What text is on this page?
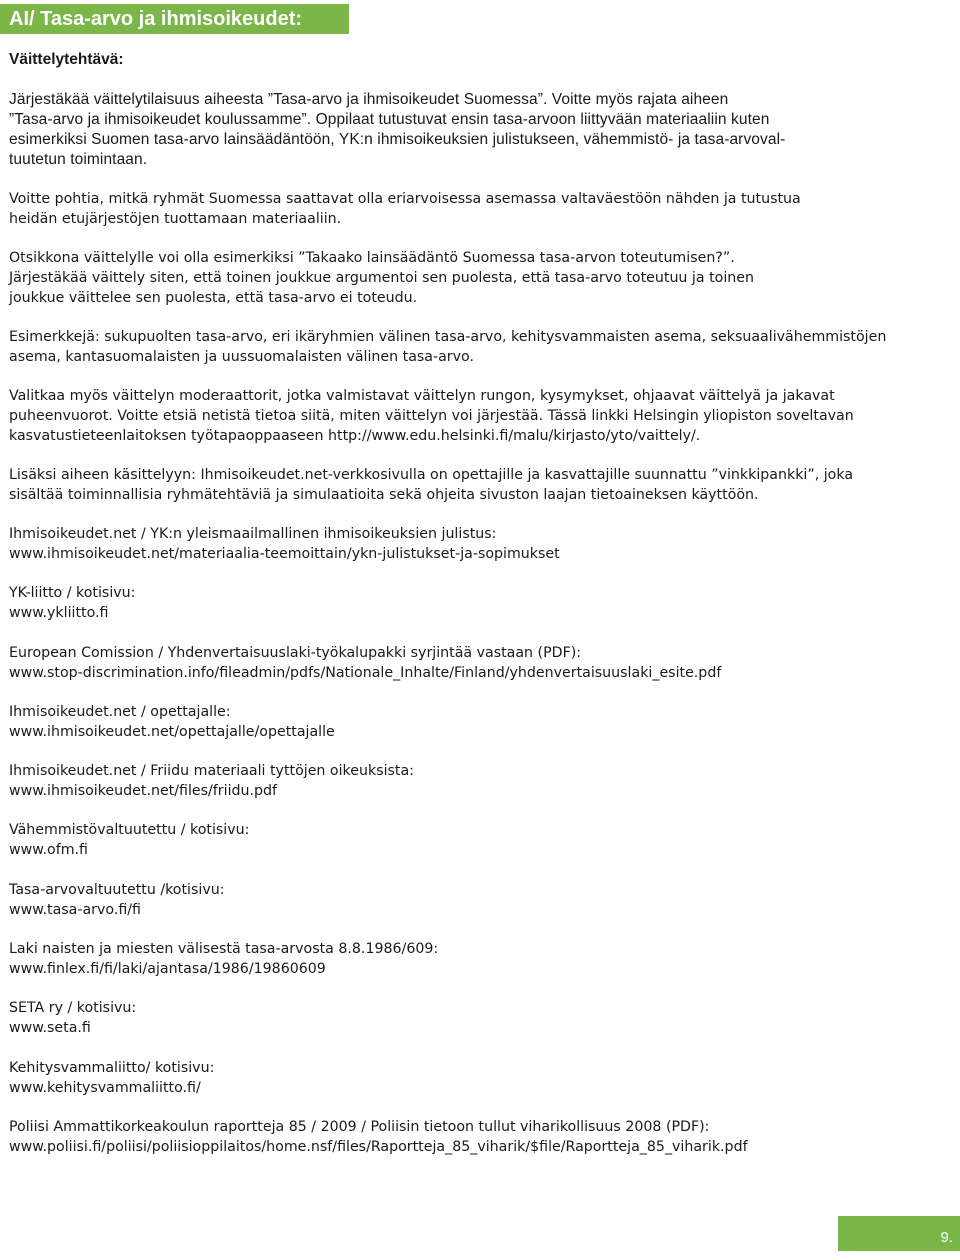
AI/ Tasa-arvo ja ihmisoikeudet:
Väittelytehtävä:
Järjestäkää väittelytilaisuus aiheesta ”Tasa-arvo ja ihmisoikeudet Suomessa”. Voitte myös rajata aiheen
”Tasa-arvo ja ihmisoikeudet koulussamme”. Oppilaat tutustuvat ensin tasa-arvoon liittyvään materiaaliin kuten
esimerkiksi Suomen tasa-arvo lainsäädäntöön, YK:n ihmisoikeuksien julistukseen, vähemmistö- ja tasa-arvoval-
tuutetun toimintaan.
Voitte pohtia, mitkä ryhmät Suomessa saattavat olla eriarvoisessa asemassa valtaväestöön nähden ja tutustua
heidän etujärjestöjen tuottamaan materiaaliin.
Otsikkona väittelylle voi olla esimerkiksi ”Takaako lainsäädäntö Suomessa tasa-arvon toteutumisen?”.
Järjestäkää väittely siten, että toinen joukkue argumentoi sen puolesta, että tasa-arvo toteutuu ja toinen
joukkue väittelee sen puolesta, että tasa-arvo ei toteudu.
Esimerkkejä: sukupuolten tasa-arvo, eri ikäryhmien välinen tasa-arvo, kehitysvammaisten asema, seksuaalivähemmistöjen
asema, kantasuomalaisten ja uussuomalaisten välinen tasa-arvo.
Valitkaa myös väittelyn moderaattorit, jotka valmistavat väittelyn rungon, kysymykset, ohjaavat väittelyä ja jakavat
puheenvuorot. Voitte etsiä netistä tietoa siitä, miten väittelyn voi järjestää. Tässä linkki Helsingin yliopiston soveltavan
kasvatustieteenlaitoksen työtapaoppaaseen http://www.edu.helsinki.fi/malu/kirjasto/yto/vaittely/.
Lisäksi aiheen käsittelyyn: Ihmisoikeudet.net-verkkosivulla on opettajille ja kasvattajille suunnattu ”vinkkipankki”, joka
sisältää toiminnallisia ryhmätehtäviä ja simulaatioita sekä ohjeita sivuston laajan tietoaineksen käyttöön.
Ihmisoikeudet.net / YK:n yleismaailmallinen ihmisoikeuksien julistus:
www.ihmisoikeudet.net/materiaalia-teemoittain/ykn-julistukset-ja-sopimukset
YK-liitto / kotisivu:
www.ykliitto.fi
European Comission / Yhdenvertaisuuslaki-työkalupakki syrjintää vastaan (PDF):
www.stop-discrimination.info/fileadmin/pdfs/Nationale_Inhalte/Finland/yhdenvertaisuuslaki_esite.pdf
Ihmisoikeudet.net / opettajalle:
www.ihmisoikeudet.net/opettajalle/opettajalle
Ihmisoikeudet.net / Friidu materiaali tyttöjen oikeuksista:
www.ihmisoikeudet.net/files/friidu.pdf
Vähemmistövaltuutettu / kotisivu:
www.ofm.fi
Tasa-arvovaltuutettu /kotisivu:
www.tasa-arvo.fi/fi
Laki naisten ja miesten välisestä tasa-arvosta 8.8.1986/609:
www.finlex.fi/fi/laki/ajantasa/1986/19860609
SETA ry / kotisivu:
www.seta.fi
Kehitysvammaliitto/ kotisivu:
www.kehitysvammaliitto.fi/
Poliisi Ammattikorkeakoulun raportteja 85 / 2009 / Poliisin tietoon tullut viharikollisuus 2008 (PDF):
www.poliisi.fi/poliisi/poliisioppilaitos/home.nsf/files/Raportteja_85_viharik/$file/Raportteja_85_viharik.pdf
9.
